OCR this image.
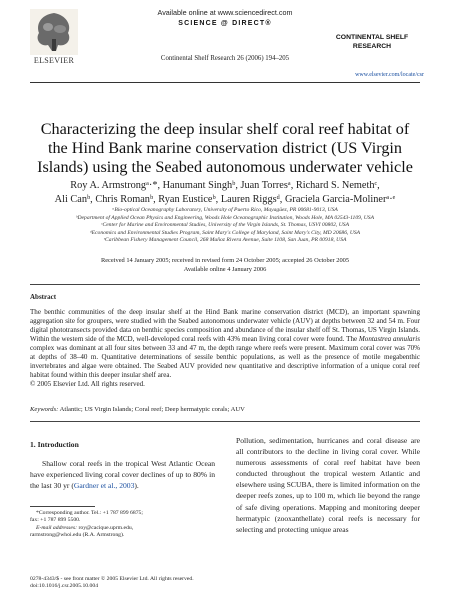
ELSEVIER
Available online at www.sciencedirect.com
SCIENCE @ DIRECT®
Continental Shelf Research 26 (2006) 194–205
CONTINENTAL SHELF RESEARCH
www.elsevier.com/locate/csr
Characterizing the deep insular shelf coral reef habitat of the Hind Bank marine conservation district (US Virgin Islands) using the Seabed autonomous underwater vehicle
Roy A. Armstrongᵃ·*, Hanumant Singhᵇ, Juan Torresᵃ, Richard S. Nemethᶜ,
Ali Canᵇ, Chris Romanᵇ, Ryan Eusticeᵇ, Lauren Riggsᵈ, Graciela Garcia-Molinerᵃ·ᵉ
ᵃBio-optical Oceanography Laboratory, University of Puerto Rico, Mayagüez, PR 00681-9013, USA
ᵇDepartment of Applied Ocean Physics and Engineering, Woods Hole Oceanographic Institution, Woods Hole, MA 02543-1109, USA
ᶜCenter for Marine and Environmental Studies, University of the Virgin Islands, St. Thomas, USVI 00802, USA
ᵈEconomics and Environmental Studies Program, Saint Mary's College of Maryland, Saint Mary's City, MD 20686, USA
ᵉCaribbean Fishery Management Council, 268 Muñoz Rivera Avenue, Suite 1108, San Juan, PR 00918, USA
Received 14 January 2005; received in revised form 24 October 2005; accepted 26 October 2005
Available online 4 January 2006
Abstract
The benthic communities of the deep insular shelf at the Hind Bank marine conservation district (MCD), an important spawning aggregation site for groupers, were studied with the Seabed autonomous underwater vehicle (AUV) at depths between 32 and 54 m. Four digital phototransects provided data on benthic species composition and abundance of the insular shelf off St. Thomas, US Virgin Islands. Within the western side of the MCD, well-developed coral reefs with 43% mean living coral cover were found. The Montastrea annularis complex was dominant at all four sites between 33 and 47 m, the depth range where reefs were present. Maximum coral cover was 70% at depths of 38–40 m. Quantitative determinations of sessile benthic populations, as well as the presence of motile megabenthic invertebrates and algae were obtained. The Seabed AUV provided new quantitative and descriptive information of a unique coral reef habitat found within this deeper insular shelf area.
© 2005 Elsevier Ltd. All rights reserved.
Keywords: Atlantic; US Virgin Islands; Coral reef; Deep hermatypic corals; AUV
1. Introduction
Shallow coral reefs in the tropical West Atlantic Ocean have experienced living coral cover declines of up to 80% in the last 30 yr (Gardner et al., 2003).
Pollution, sedimentation, hurricanes and coral disease are all contributors to the decline in living coral cover. While numerous assessments of coral reef habitat have been conducted throughout the tropical western Atlantic and elsewhere using SCUBA, there is limited information on the deeper reefs zones, up to 100 m, which lie beyond the range of safe diving operations. Mapping and monitoring deeper hermatypic (zooxanthellate) coral reefs is necessary for selecting and protecting unique areas
*Corresponding author. Tel.: +1 787 899 6875;
fax: +1 787 899 5500.
E-mail addresses: roy@cacique.uprm.edu,
rarmstrong@whoi.edu (R.A. Armstrong).
0278-4343/$ - see front matter © 2005 Elsevier Ltd. All rights reserved.
doi:10.1016/j.csr.2005.10.004
